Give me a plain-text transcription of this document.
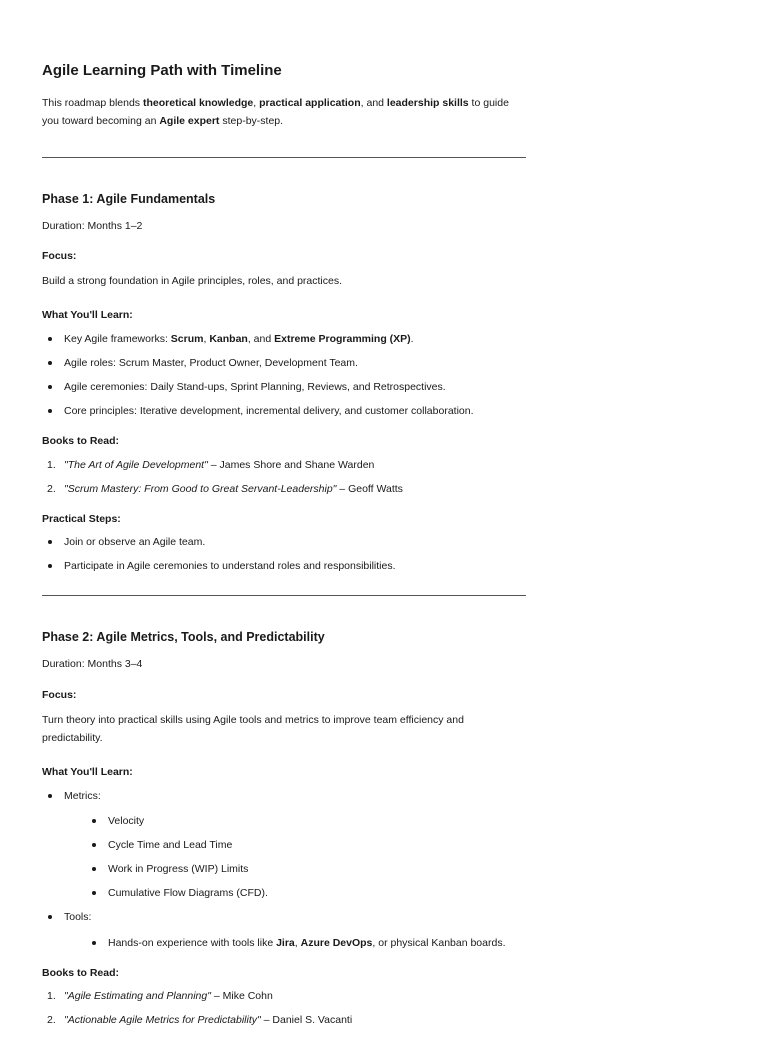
Agile Learning Path with Timeline

This roadmap blends theoretical knowledge, practical application, and leadership skills to guide you toward becoming an Agile expert step-by-step.

Phase 1: Agile Fundamentals

Duration: Months 1–2

Focus:

Build a strong foundation in Agile principles, roles, and practices.

What You'll Learn:

Key Agile frameworks: Scrum, Kanban, and Extreme Programming (XP).
Agile roles: Scrum Master, Product Owner, Development Team.
Agile ceremonies: Daily Stand-ups, Sprint Planning, Reviews, and Retrospectives.
Core principles: Iterative development, incremental delivery, and customer collaboration.

Books to Read:

1. "The Art of Agile Development" – James Shore and Shane Warden
2. "Scrum Mastery: From Good to Great Servant-Leadership" – Geoff Watts

Practical Steps:

Join or observe an Agile team.
Participate in Agile ceremonies to understand roles and responsibilities.
Phase 2: Agile Metrics, Tools, and Predictability

Duration: Months 3–4

Focus:

Turn theory into practical skills using Agile tools and metrics to improve team efficiency and predictability.

What You'll Learn:

Metrics:
Velocity
Cycle Time and Lead Time
Work in Progress (WIP) Limits
Cumulative Flow Diagrams (CFD).
Tools:
Hands-on experience with tools like Jira, Azure DevOps, or physical Kanban boards.

Books to Read:

1. "Agile Estimating and Planning" – Mike Cohn
2. "Actionable Agile Metrics for Predictability" – Daniel S. Vacanti
